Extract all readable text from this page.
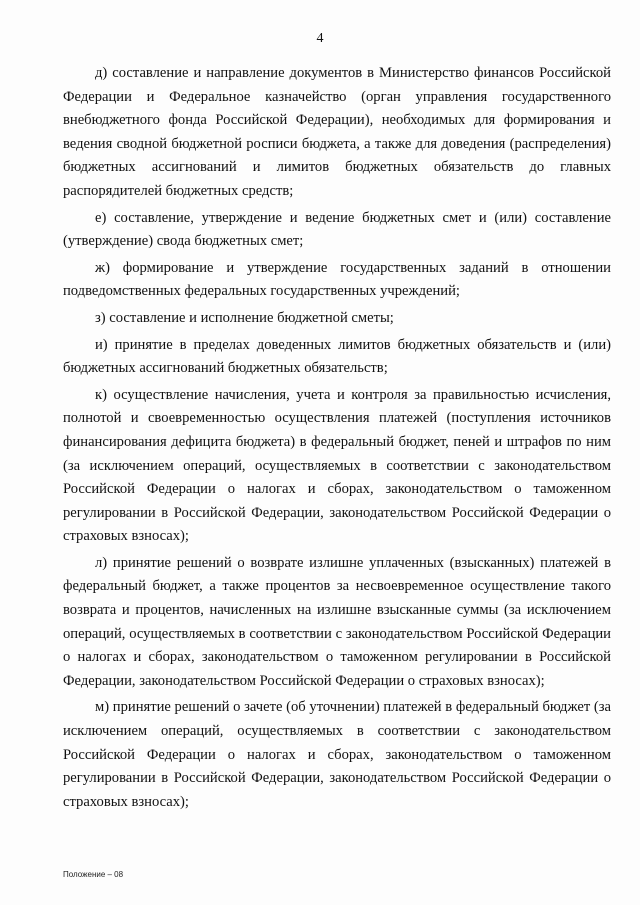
4

д) составление и направление документов в Министерство финансов Российской Федерации и Федеральное казначейство (орган управления государственного внебюджетного фонда Российской Федерации), необходимых для формирования и ведения сводной бюджетной росписи бюджета, а также для доведения (распределения) бюджетных ассигнований и лимитов бюджетных обязательств до главных распорядителей бюджетных средств;

е) составление, утверждение и ведение бюджетных смет и (или) составление (утверждение) свода бюджетных смет;

ж) формирование и утверждение государственных заданий в отношении подведомственных федеральных государственных учреждений;

з) составление и исполнение бюджетной сметы;

и) принятие в пределах доведенных лимитов бюджетных обязательств и (или) бюджетных ассигнований бюджетных обязательств;

к) осуществление начисления, учета и контроля за правильностью исчисления, полнотой и своевременностью осуществления платежей (поступления источников финансирования дефицита бюджета) в федеральный бюджет, пеней и штрафов по ним (за исключением операций, осуществляемых в соответствии с законодательством Российской Федерации о налогах и сборах, законодательством о таможенном регулировании в Российской Федерации, законодательством Российской Федерации о страховых взносах);

л) принятие решений о возврате излишне уплаченных (взысканных) платежей в федеральный бюджет, а также процентов за несвоевременное осуществление такого возврата и процентов, начисленных на излишне взысканные суммы (за исключением операций, осуществляемых в соответствии с законодательством Российской Федерации о налогах и сборах, законодательством о таможенном регулировании в Российской Федерации, законодательством Российской Федерации о страховых взносах);

м) принятие решений о зачете (об уточнении) платежей в федеральный бюджет (за исключением операций, осуществляемых в соответствии с законодательством Российской Федерации о налогах и сборах, законодательством о таможенном регулировании в Российской Федерации, законодательством Российской Федерации о страховых взносах);

Положение – 08
